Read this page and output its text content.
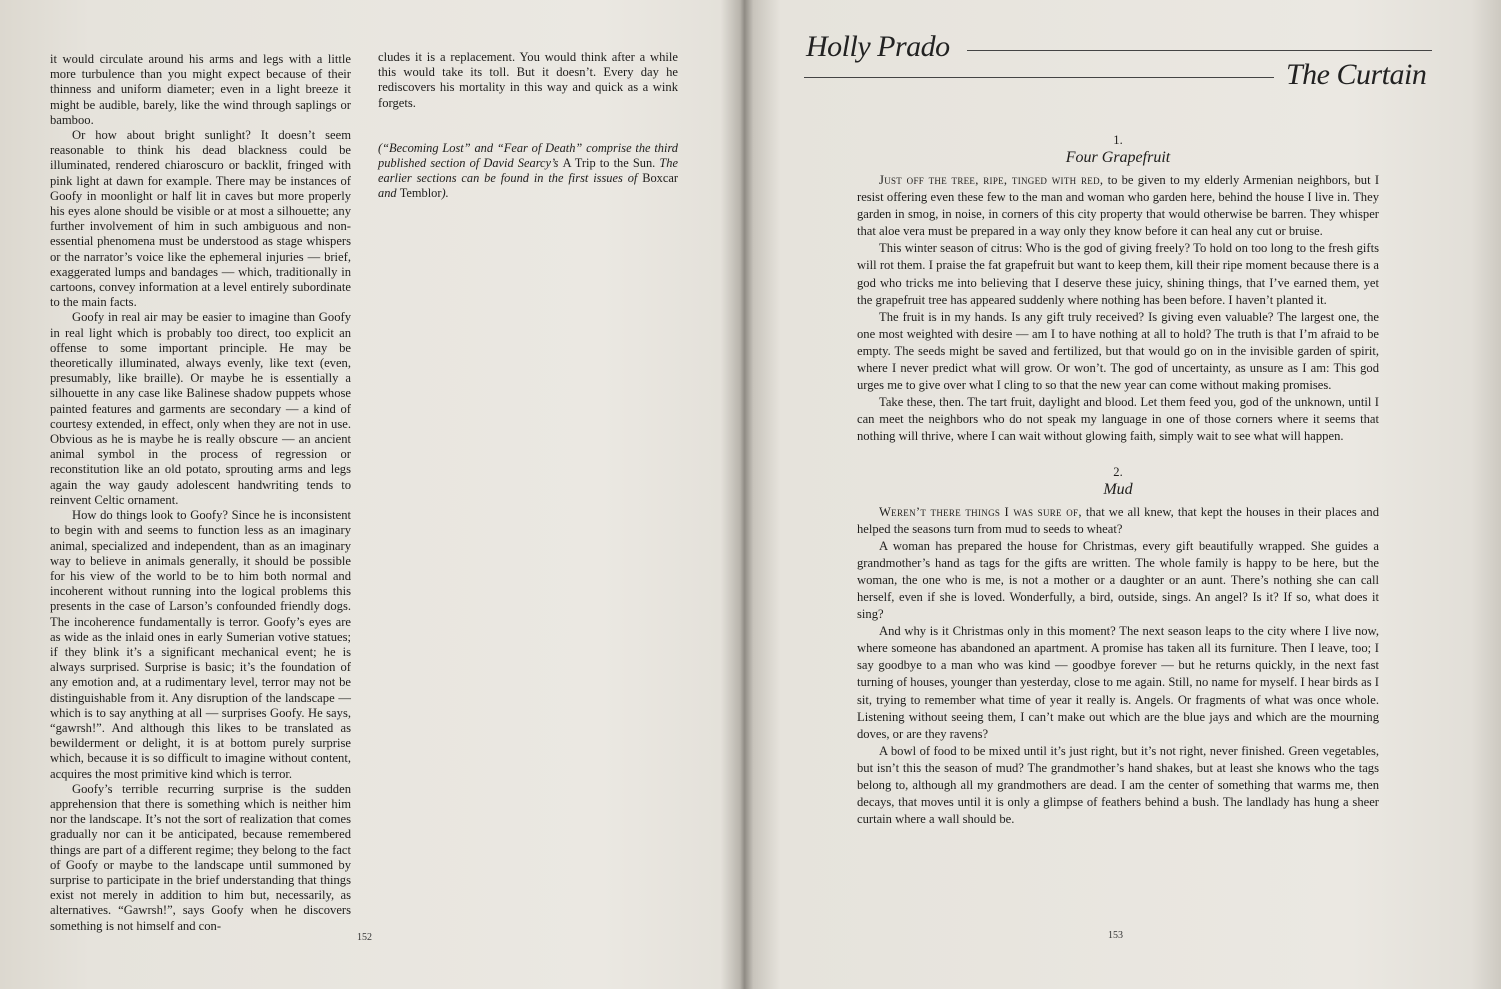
it would circulate around his arms and legs with a little more turbulence than you might expect because of their thinness and uniform diameter; even in a light breeze it might be audible, barely, like the wind through saplings or bamboo.

Or how about bright sunlight? It doesn’t seem reasonable to think his dead blackness could be illuminated, rendered chiaroscuro or backlit, fringed with pink light at dawn for example. There may be instances of Goofy in moonlight or half lit in caves but more properly his eyes alone should be visible or at most a silhouette; any further involvement of him in such ambiguous and non-essential phenomena must be understood as stage whispers or the narrator’s voice like the ephemeral injuries — brief, exaggerated lumps and bandages — which, traditionally in cartoons, convey information at a level entirely subordinate to the main facts.

Goofy in real air may be easier to imagine than Goofy in real light which is probably too direct, too explicit an offense to some important principle. He may be theoretically illuminated, always evenly, like text (even, presumably, like braille). Or maybe he is essentially a silhouette in any case like Balinese shadow puppets whose painted features and garments are secondary — a kind of courtesy extended, in effect, only when they are not in use. Obvious as he is maybe he is really obscure — an ancient animal symbol in the process of regression or reconstitution like an old potato, sprouting arms and legs again the way gaudy adolescent handwriting tends to reinvent Celtic ornament.

How do things look to Goofy? Since he is inconsistent to begin with and seems to function less as an imaginary animal, specialized and independent, than as an imaginary way to believe in animals generally, it should be possible for his view of the world to be to him both normal and incoherent without running into the logical problems this presents in the case of Larson’s confounded friendly dogs. The incoherence fundamentally is terror. Goofy’s eyes are as wide as the inlaid ones in early Sumerian votive statues; if they blink it’s a significant mechanical event; he is always surprised. Surprise is basic; it’s the foundation of any emotion and, at a rudimentary level, terror may not be distinguishable from it. Any disruption of the landscape — which is to say anything at all — surprises Goofy. He says, “gawrsh!”. And although this likes to be translated as bewilderment or delight, it is at bottom purely surprise which, because it is so difficult to imagine without content, acquires the most primitive kind which is terror.

Goofy’s terrible recurring surprise is the sudden apprehension that there is something which is neither him nor the landscape. It’s not the sort of realization that comes gradually nor can it be anticipated, because remembered things are part of a different regime; they belong to the fact of Goofy or maybe to the landscape until summoned by surprise to participate in the brief understanding that things exist not merely in addition to him but, necessarily, as alternatives. “Gawrsh!”, says Goofy when he discovers something is not himself and con-

cludes it is a replacement. You would think after a while this would take its toll. But it doesn’t. Every day he rediscovers his mortality in this way and quick as a wink forgets.

(“Becoming Lost” and “Fear of Death” comprise the third published section of David Searcy’s A Trip to the Sun. The earlier sections can be found in the first issues of Boxcar and Temblor).

152
Holly Prado
The Curtain
1.
Four Grapefruit

Just off the tree, ripe, tinged with red, to be given to my elderly Armenian neighbors, but I resist offering even these few to the man and woman who garden here, behind the house I live in. They garden in smog, in noise, in corners of this city property that would otherwise be barren. They whisper that aloe vera must be prepared in a way only they know before it can heal any cut or bruise.

This winter season of citrus: Who is the god of giving freely? To hold on too long to the fresh gifts will rot them. I praise the fat grapefruit but want to keep them, kill their ripe moment because there is a god who tricks me into believing that I deserve these juicy, shining things, that I’ve earned them, yet the grapefruit tree has appeared suddenly where nothing has been before. I haven’t planted it.

The fruit is in my hands. Is any gift truly received? Is giving even valuable? The largest one, the one most weighted with desire — am I to have nothing at all to hold? The truth is that I’m afraid to be empty. The seeds might be saved and fertilized, but that would go on in the invisible garden of spirit, where I never predict what will grow. Or won’t. The god of uncertainty, as unsure as I am: This god urges me to give over what I cling to so that the new year can come without making promises.

Take these, then. The tart fruit, daylight and blood. Let them feed you, god of the unknown, until I can meet the neighbors who do not speak my language in one of those corners where it seems that nothing will thrive, where I can wait without glowing faith, simply wait to see what will happen.

2.
Mud

Weren’t there things I was sure of, that we all knew, that kept the houses in their places and helped the seasons turn from mud to seeds to wheat?

A woman has prepared the house for Christmas, every gift beautifully wrapped. She guides a grandmother’s hand as tags for the gifts are written. The whole family is happy to be here, but the woman, the one who is me, is not a mother or a daughter or an aunt. There’s nothing she can call herself, even if she is loved. Wonderfully, a bird, outside, sings. An angel? Is it? If so, what does it sing?

And why is it Christmas only in this moment? The next season leaps to the city where I live now, where someone has abandoned an apartment. A promise has taken all its furniture. Then I leave, too; I say goodbye to a man who was kind — goodbye forever — but he returns quickly, in the next fast turning of houses, younger than yesterday, close to me again. Still, no name for myself. I hear birds as I sit, trying to remember what time of year it really is. Angels. Or fragments of what was once whole. Listening without seeing them, I can’t make out which are the blue jays and which are the mourning doves, or are they ravens?

A bowl of food to be mixed until it’s just right, but it’s not right, never finished. Green vegetables, but isn’t this the season of mud? The grandmother’s hand shakes, but at least she knows who the tags belong to, although all my grandmothers are dead. I am the center of something that warms me, then decays, that moves until it is only a glimpse of feathers behind a bush. The landlady has hung a sheer curtain where a wall should be.

153
